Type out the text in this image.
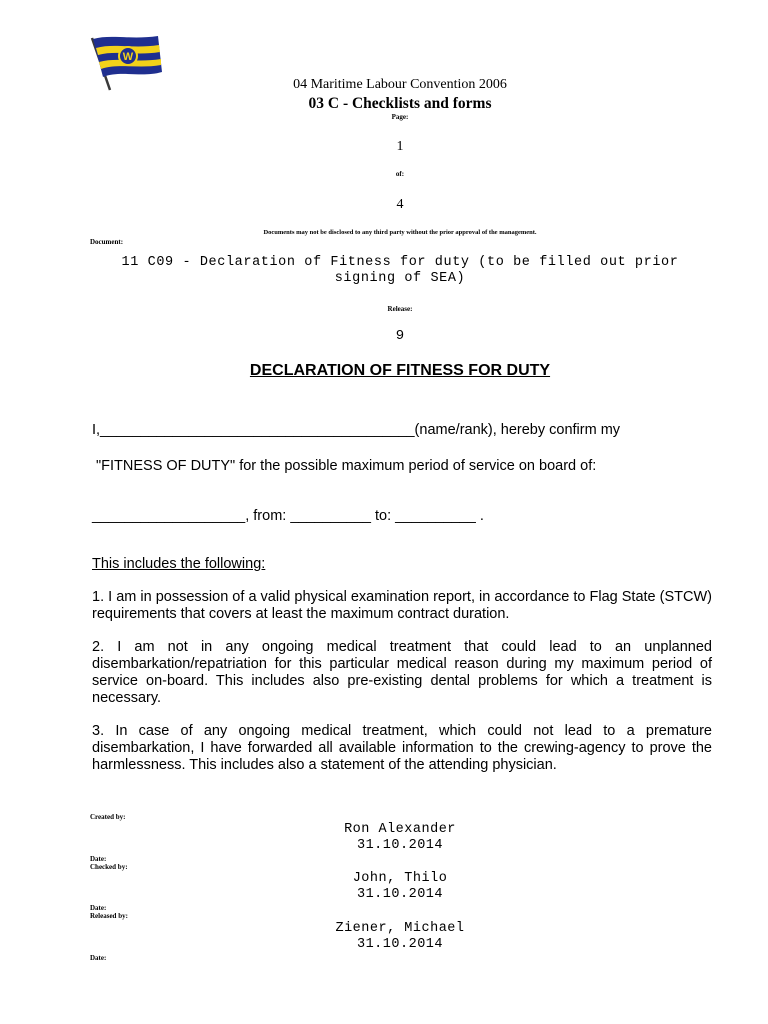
W
04 Maritime Labour Convention 2006
03 C - Checklists and forms
Page:
1
of:
4
Documents may not be disclosed to any third party without the prior approval of the management.
Document:
11 C09 - Declaration of Fitness for duty (to be filled out prior signing of SEA)
Release:
9
DECLARATION OF FITNESS FOR DUTY
I,_______________________________________(name/rank), hereby confirm my
"FITNESS OF DUTY" for the possible maximum period of service on board of:
___________________, from: __________ to: __________ .
This includes the following:
1. I am in possession of a valid physical examination report, in accordance to Flag State (STCW) requirements that covers at least the maximum contract duration.
2. I am not in any ongoing medical treatment that could lead to an unplanned disembarkation/repatriation for this particular medical reason during my maximum period of service on-board. This includes also pre-existing dental problems for which a treatment is necessary.
3. In case of any ongoing medical treatment, which could not lead to a premature disembarkation, I have forwarded all available information to the crewing-agency to prove the harmlessness. This includes also a statement of the attending physician.
Created by:
Ron Alexander
31.10.2014
Date:
Checked by:
John, Thilo
31.10.2014
Date:
Released by:
Ziener, Michael
31.10.2014
Date:
